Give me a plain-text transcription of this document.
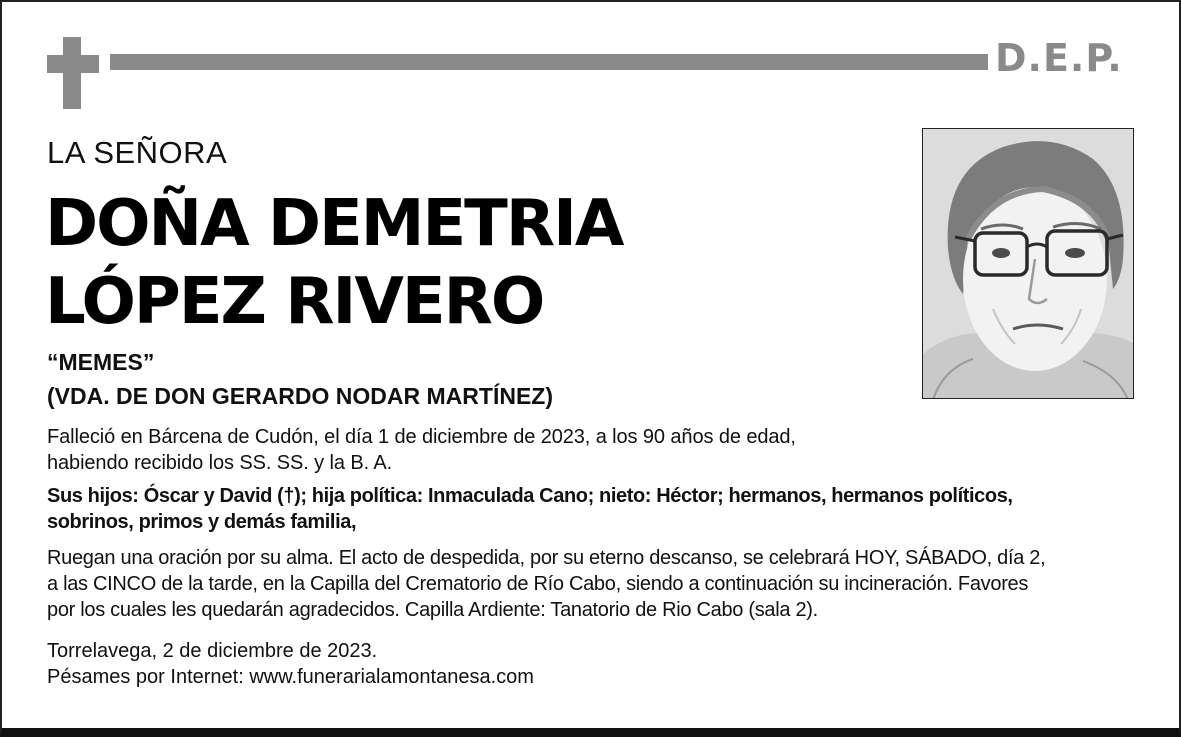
D.E.P.
LA SEÑORA
DOÑA DEMETRIA
LÓPEZ RIVERO
“MEMES”
(VDA. DE DON GERARDO NODAR MARTÍNEZ)
Falleció en Bárcena de Cudón, el día 1 de diciembre de 2023, a los 90 años de edad,
habiendo recibido los SS. SS. y la B. A.
Sus hijos: Óscar y David (†); hija política: Inmaculada Cano; nieto: Héctor; hermanos, hermanos políticos,
sobrinos, primos y demás familia,
Ruegan una oración por su alma. El acto de despedida, por su eterno descanso, se celebrará HOY, SÁBADO, día 2,
a las CINCO de la tarde, en la Capilla del Crematorio de Río Cabo, siendo a continuación su incineración. Favores
por los cuales les quedarán agradecidos. Capilla Ardiente: Tanatorio de Rio Cabo (sala 2).
Torrelavega, 2 de diciembre de 2023.
Pésames por Internet: www.funerarialamontanesa.com
